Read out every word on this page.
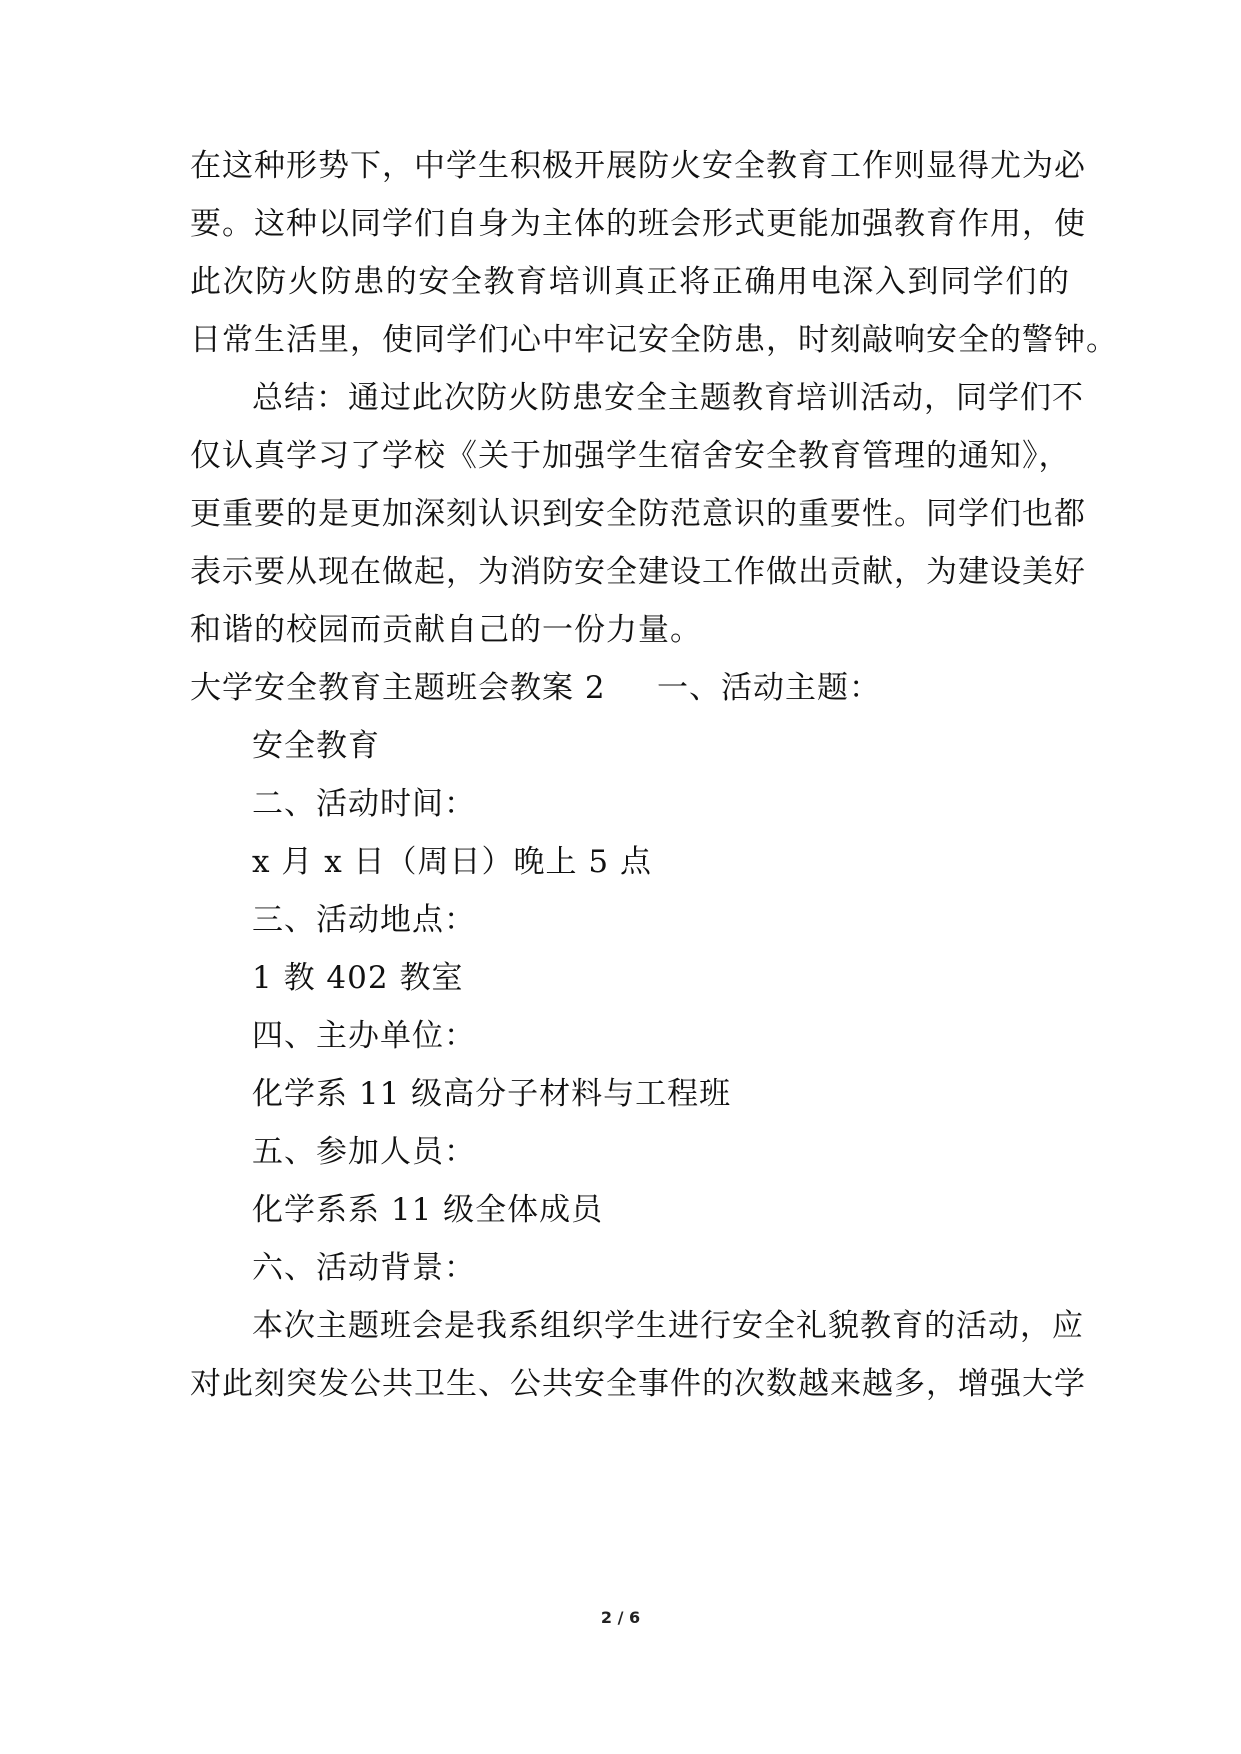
在这种形势下，中学生积极开展防火安全教育工作则显得尤为必
要。这种以同学们自身为主体的班会形式更能加强教育作用，使
此次防火防患的安全教育培训真正将正确用电深入到同学们的
日常生活里，使同学们心中牢记安全防患，时刻敲响安全的警钟。
总结：通过此次防火防患安全主题教育培训活动，同学们不
仅认真学习了学校《关于加强学生宿舍安全教育管理的通知》，
更重要的是更加深刻认识到安全防范意识的重要性。同学们也都
表示要从现在做起，为消防安全建设工作做出贡献，为建设美好
和谐的校园而贡献自己的一份力量。
大学安全教育主题班会教案 2 一、活动主题：
安全教育
二、活动时间：
x 月 x 日（周日）晚上 5 点
三、活动地点：
1 教 402 教室
四、主办单位：
化学系 11 级高分子材料与工程班
五、参加人员：
化学系系 11 级全体成员
六、活动背景：
本次主题班会是我系组织学生进行安全礼貌教育的活动，应
对此刻突发公共卫生、公共安全事件的次数越来越多，增强大学
2 / 6
